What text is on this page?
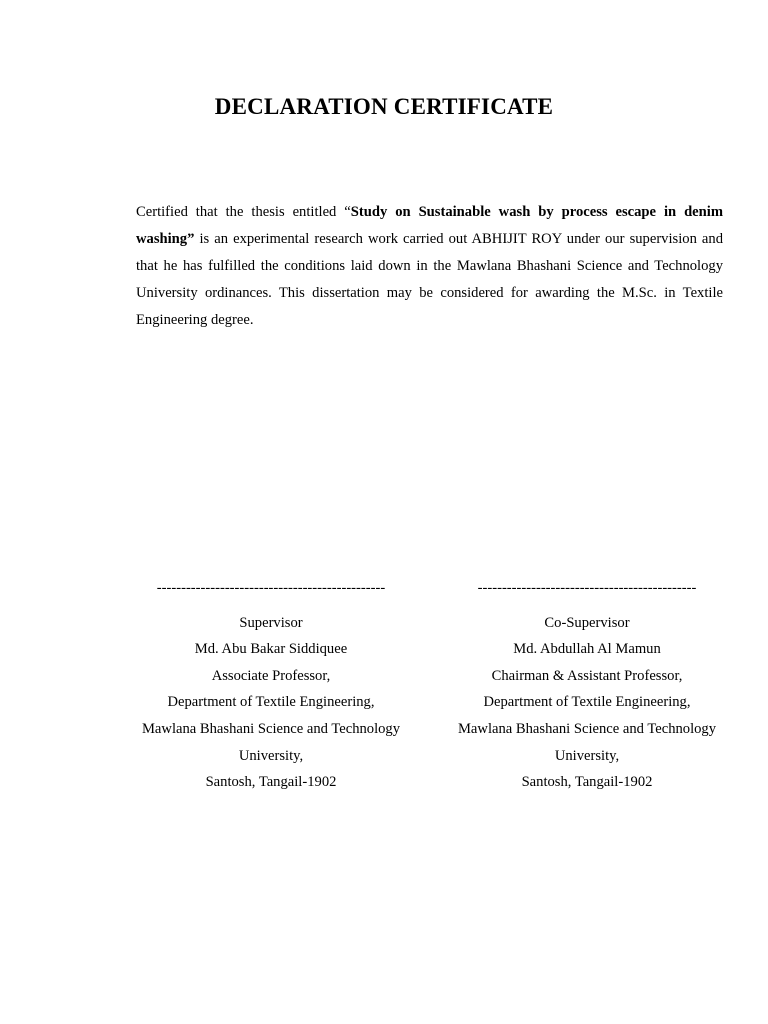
DECLARATION CERTIFICATE

Certified that the thesis entitled “Study on Sustainable wash by process escape in denim washing” is an experimental research work carried out ABHIJIT ROY under our supervision and that he has fulfilled the conditions laid down in the Mawlana Bhashani Science and Technology University ordinances. This dissertation may be considered for awarding the M.Sc. in Textile Engineering degree.

-----------------------------------------------
Supervisor
Md. Abu Bakar Siddiquee
Associate Professor,
Department of Textile Engineering,
Mawlana Bhashani Science and Technology
University,
Santosh, Tangail-1902
---------------------------------------------
Co-Supervisor
Md. Abdullah Al Mamun
Chairman & Assistant Professor,
Department of Textile Engineering,
Mawlana Bhashani Science and Technology
University,
Santosh, Tangail-1902
